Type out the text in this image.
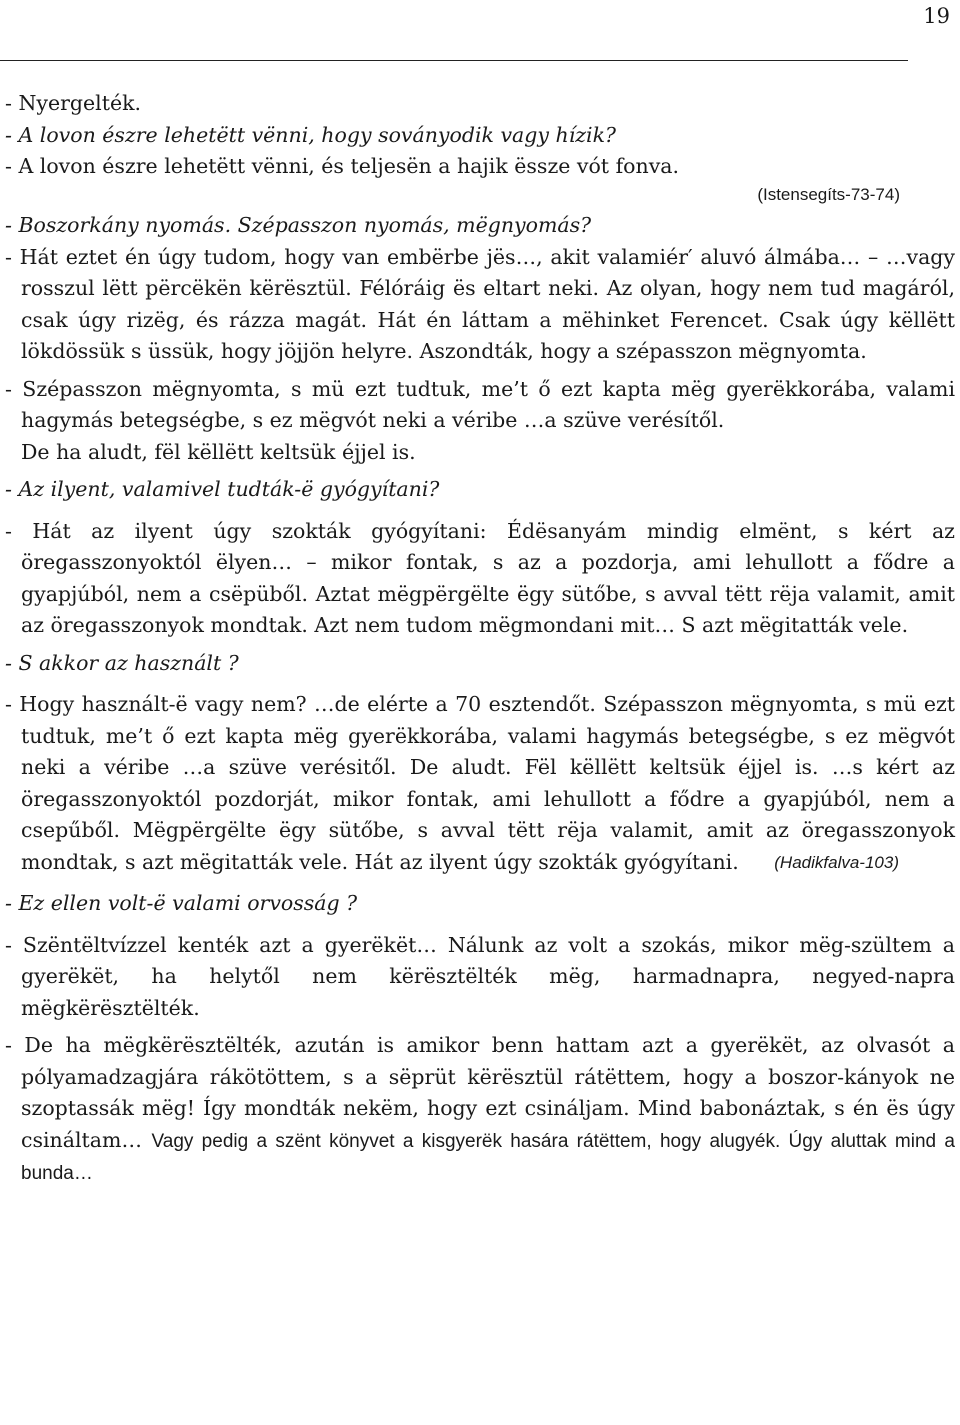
19

- Nyergelték.

- A lovon észre lehetëtt vënni, hogy soványodik vagy hízik?

- A lovon észre lehetëtt vënni, és teljesën a hajik ëssze vót fonva.

(Istensegíts-73-74)

- Boszorkány nyomás. Szépasszon nyomás, mëgnyomás?

- Hát eztet én úgy tudom, hogy van embërbe jës…, akit valamiér′ aluvó álmába… – …vagy rosszul lëtt përcëkën kërësztül. Félóráig ës eltart neki. Az olyan, hogy nem tud magáról, csak úgy rizëg, és rázza magát. Hát én láttam a mëhinket Ferencet. Csak úgy këllëtt lökdössük s üssük, hogy jöjjön helyre. Aszondták, hogy a szépasszon mëgnyomta.

- Szépasszon mëgnyomta, s mü ezt tudtuk, me’t ő ezt kapta mëg gyerëkkorába, valami hagymás betegségbe, s ez mëgvót neki a véribe …a szüve verésítől.

De ha aludt, fël këllëtt keltsük éjjel is.

- Az ilyent, valamivel tudták-ë gyógyítani?

- Hát az ilyent úgy szokták gyógyítani: Édësanyám mindig elmënt, s kért az öregasszonyoktól ëlyen… – mikor fontak, s az a pozdorja, ami lehullott a fődre a gyapjúból, nem a csëpüből. Aztat mëgpërgëlte ëgy sütőbe, s avval tëtt rëja valamit, amit az öregasszonyok mondtak. Azt nem tudom mëgmondani mit… S azt mëgitatták vele.

- S akkor az használt ?

- Hogy használt-ë vagy nem? …de elérte a 70 esztendőt. Szépasszon mëgnyomta, s mü ezt tudtuk, me’t ő ezt kapta mëg gyerëkkorába, valami hagymás betegségbe, s ez mëgvót neki a véribe …a szüve verésitől. De aludt. Fël këllëtt keltsük éjjel is. …s kért az öregasszonyoktól pozdorját, mikor fontak, ami lehullott a fődre a gyapjúból, nem a csepűből. Mëgpërgëlte ëgy sütőbe, s avval tëtt rëja valamit, amit az öregasszonyok mondtak, s azt mëgitatták vele. Hát az ilyent úgy szokták gyógyítani. (Hadikfalva-103)

- Ez ellen volt-ë valami orvosság ?

- Szëntëltvízzel kenték azt a gyerëkët… Nálunk az volt a szokás, mikor mëg-szültem a gyerëkët, ha helytől nem kërësztëlték mëg, harmadnapra, negyed-napra mëgkërësztëlték.

- De ha mëgkërësztëlték, azután is amikor benn hattam azt a gyerëkët, az olvasót a pólyamadzagjára rákötöttem, s a sëprüt kërësztül rátëttem, hogy a boszor-kányok ne szoptassák mëg! Így mondták nekëm, hogy ezt csináljam. Mind babonáztak, s én ës úgy csináltam… Vagy pedig a szënt könyvet a kisgyerëk hasára rátëttem, hogy alugyék. Úgy aluttak mind a bunda…
